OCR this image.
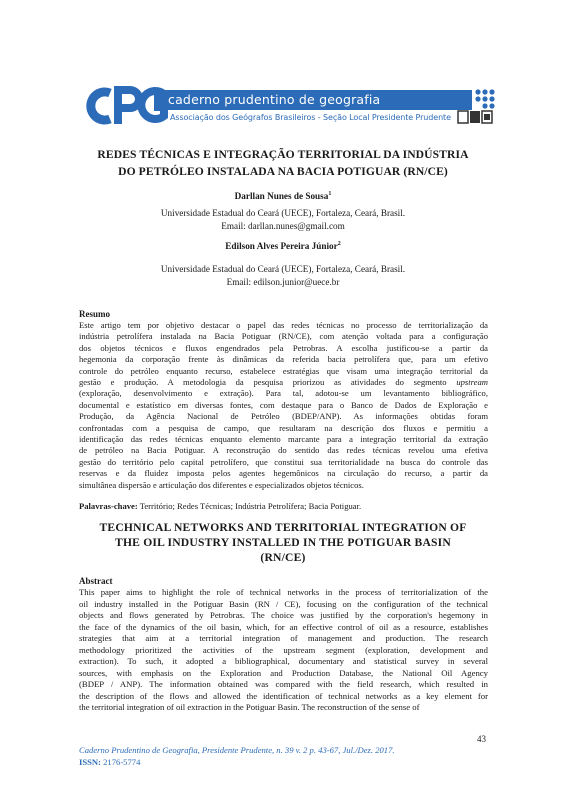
caderno prudentino de geografia
Associação dos Geógrafos Brasileiros - Seção Local Presidente Prudente
REDES TÉCNICAS E INTEGRAÇÃO TERRITORIAL DA INDÚSTRIA
DO PETRÓLEO INSTALADA NA BACIA POTIGUAR (RN/CE)
Darllan Nunes de Sousa$^1$
Universidade Estadual do Ceará (UECE), Fortaleza, Ceará, Brasil.
Email: darllan.nunes@gmail.com
Edilson Alves Pereira Júnior$^2$
Universidade Estadual do Ceará (UECE), Fortaleza, Ceará, Brasil.
Email: edilson.junior@uece.br
Resumo
Este artigo tem por objetivo destacar o papel das redes técnicas no processo de territorialização da
indústria petrolífera instalada na Bacia Potiguar (RN/CE), com atenção voltada para a configuração
dos objetos técnicos e fluxos engendrados pela Petrobras. A escolha justificou-se a partir da
hegemonia da corporação frente às dinâmicas da referida bacia petrolífera que, para um efetivo
controle do petróleo enquanto recurso, estabelece estratégias que visam uma integração territorial da
gestão e produção. A metodologia da pesquisa priorizou as atividades do segmento upstream
(exploração, desenvolvimento e extração). Para tal, adotou-se um levantamento bibliográfico,
documental e estatístico em diversas fontes, com destaque para o Banco de Dados de Exploração e
Produção, da Agência Nacional de Petróleo (BDEP/ANP). As informações obtidas foram
confrontadas com a pesquisa de campo, que resultaram na descrição dos fluxos e permitiu a
identificação das redes técnicas enquanto elemento marcante para a integração territorial da extração
de petróleo na Bacia Potiguar. A reconstrução do sentido das redes técnicas revelou uma efetiva
gestão do território pelo capital petrolífero, que constitui sua territorialidade na busca do controle das
reservas e da fluidez imposta pelos agentes hegemônicos na circulação do recurso, a partir da
simultânea dispersão e articulação dos diferentes e especializados objetos técnicos.
Palavras-chave: Território; Redes Técnicas; Indústria Petrolífera; Bacia Potiguar.
TECHNICAL NETWORKS AND TERRITORIAL INTEGRATION OF
THE OIL INDUSTRY INSTALLED IN THE POTIGUAR BASIN
(RN/CE)
Abstract
This paper aims to highlight the role of technical networks in the process of territorialization of the
oil industry installed in the Potiguar Basin (RN / CE), focusing on the configuration of the technical
objects and flows generated by Petrobras. The choice was justified by the corporation's hegemony in
the face of the dynamics of the oil basin, which, for an effective control of oil as a resource, establishes
strategies that aim at a territorial integration of management and production. The research
methodology prioritized the activities of the upstream segment (exploration, development and
extraction). To such, it adopted a bibliographical, documentary and statistical survey in several
sources, with emphasis on the Exploration and Production Database, the National Oil Agency
(BDEP / ANP). The information obtained was compared with the field research, which resulted in
the description of the flows and allowed the identification of technical networks as a key element for
the territorial integration of oil extraction in the Potiguar Basin. The reconstruction of the sense of
43
Caderno Prudentino de Geografia, Presidente Prudente, n. 39 v. 2 p. 43-67, Jul./Dez. 2017.
ISSN: 2176-5774
